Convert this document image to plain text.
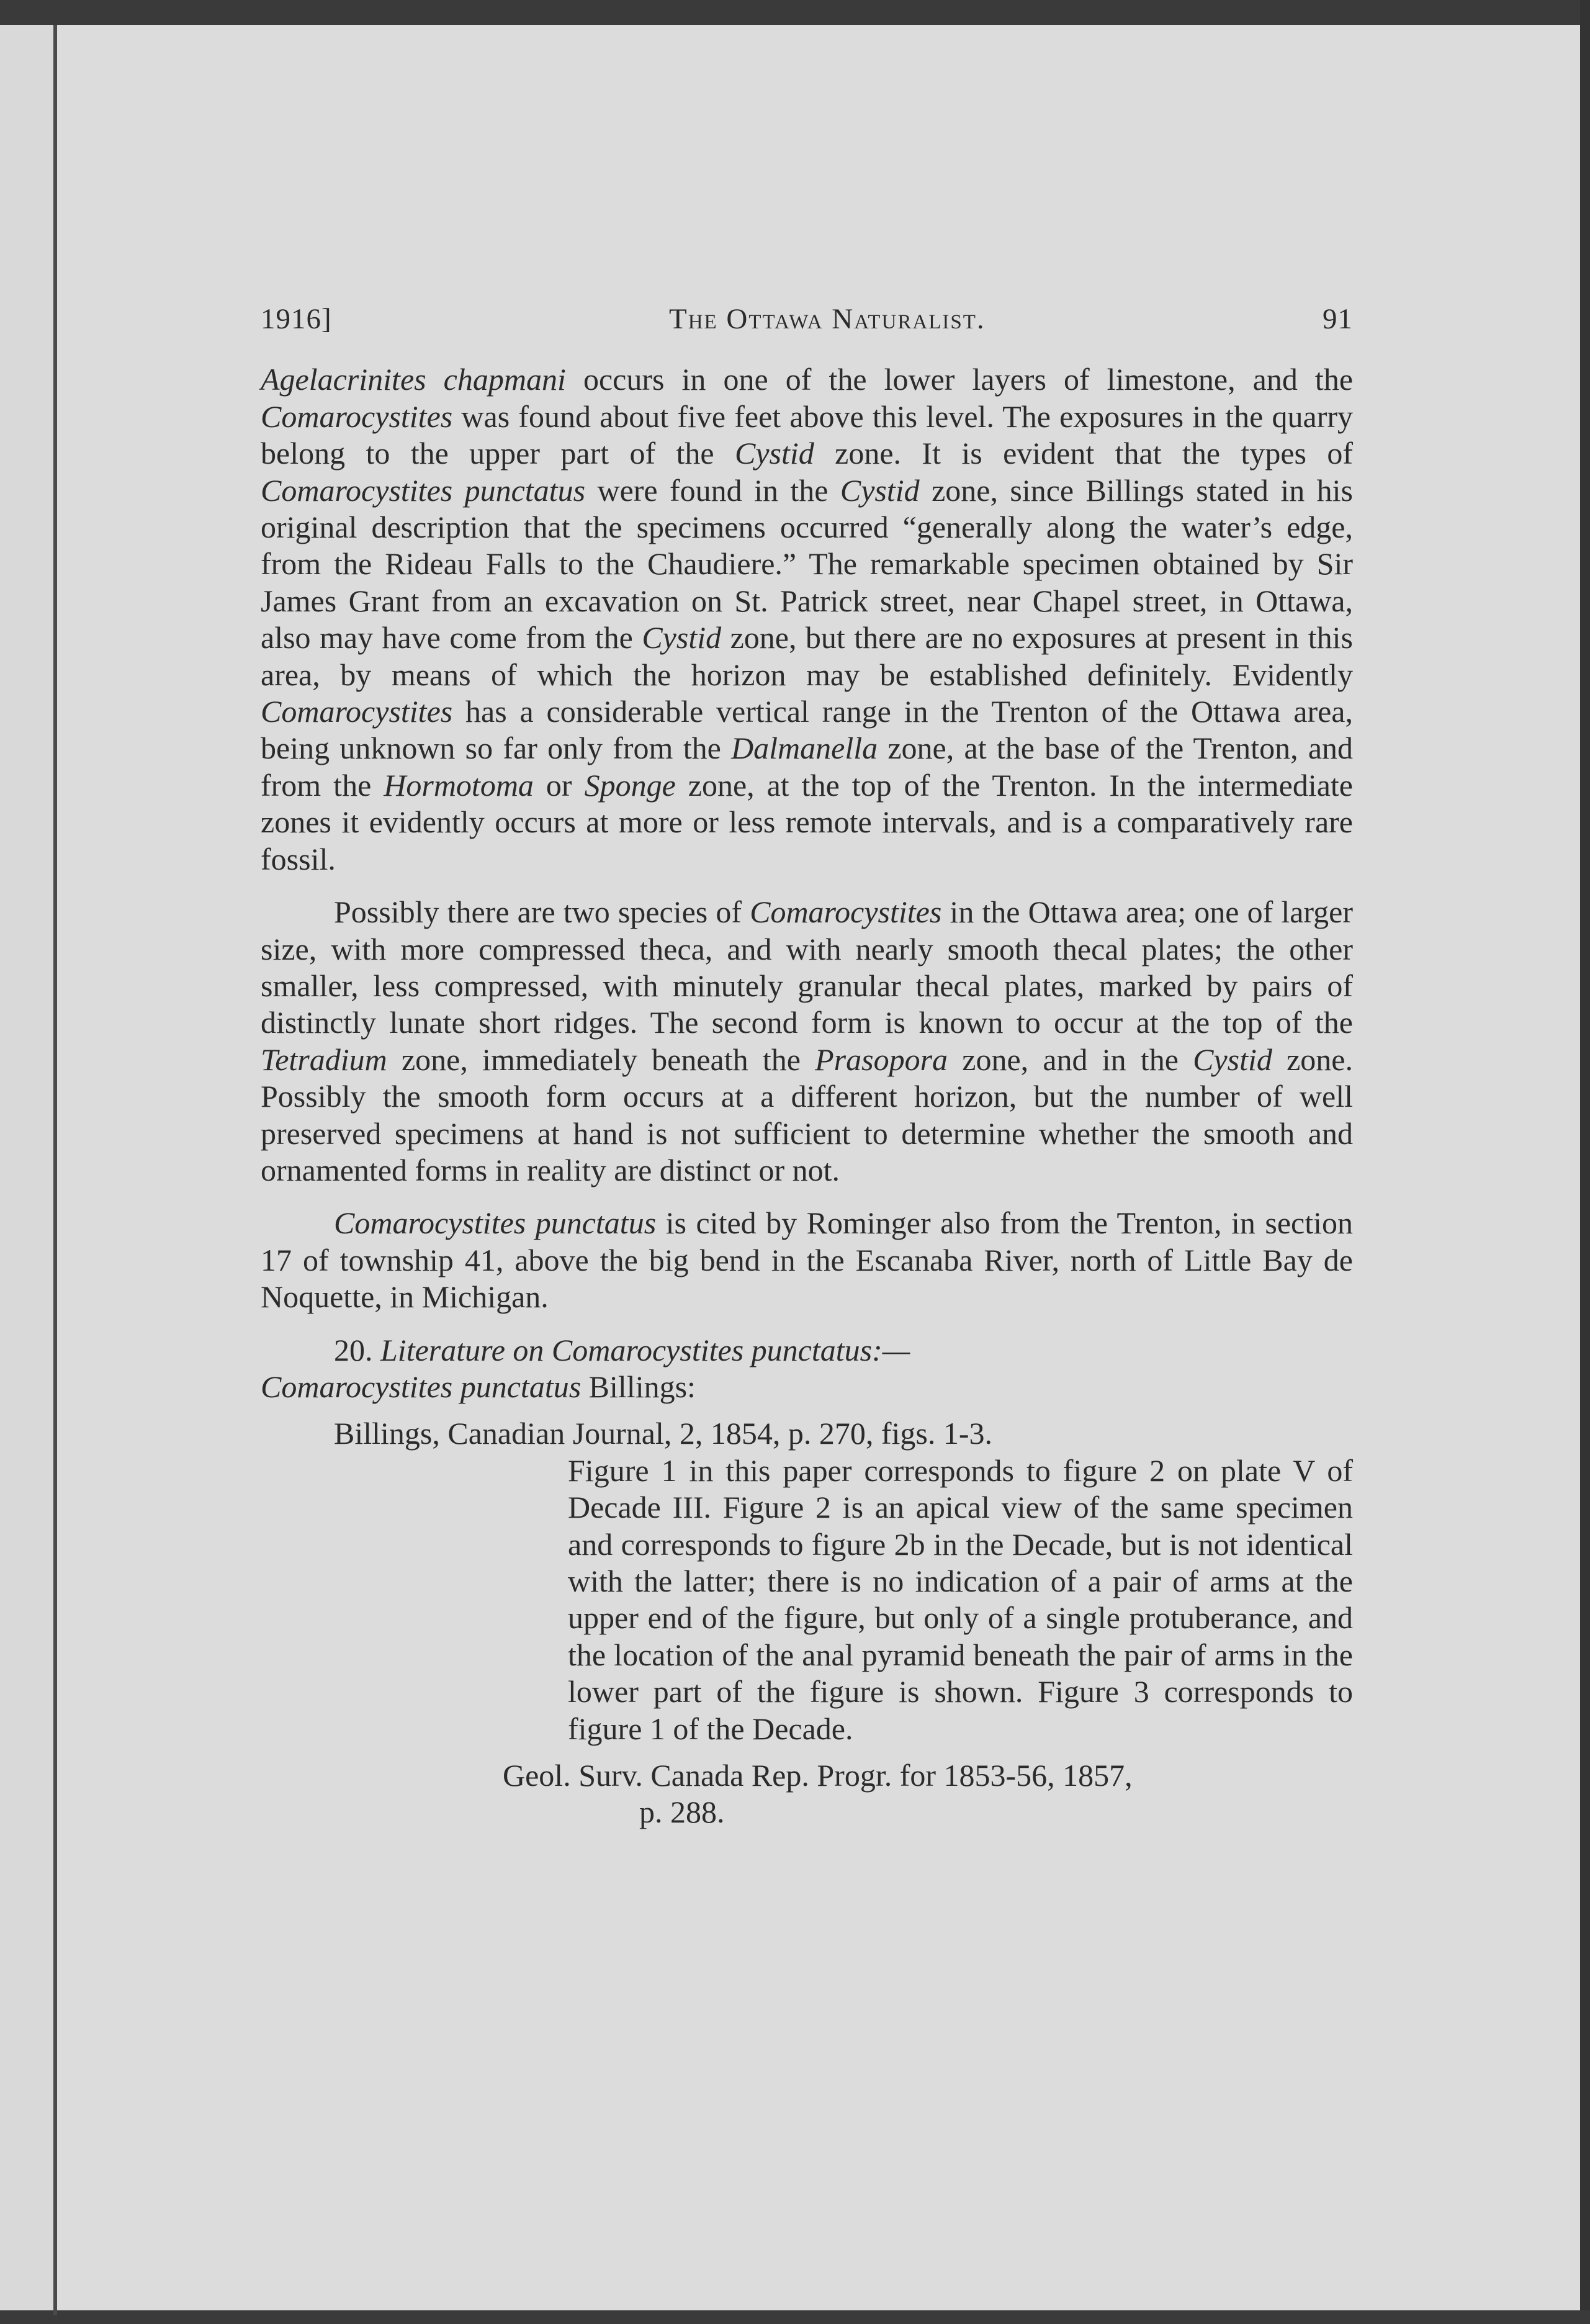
1916]	The Ottawa Naturalist.	91

Agelacrinites chapmani occurs in one of the lower layers of limestone, and the Comarocystites was found about five feet above this level. The exposures in the quarry belong to the upper part of the Cystid zone. It is evident that the types of Comarocystites punctatus were found in the Cystid zone, since Billings stated in his original description that the specimens occurred “generally along the water’s edge, from the Rideau Falls to the Chaudiere.” The remarkable specimen obtained by Sir James Grant from an excavation on St. Patrick street, near Chapel street, in Ottawa, also may have come from the Cystid zone, but there are no exposures at present in this area, by means of which the horizon may be established definitely. Evidently Comarocystites has a considerable vertical range in the Trenton of the Ottawa area, being unknown so far only from the Dalmanella zone, at the base of the Trenton, and from the Hormotoma or Sponge zone, at the top of the Trenton. In the intermediate zones it evidently occurs at more or less remote intervals, and is a comparatively rare fossil.

Possibly there are two species of Comarocystites in the Ottawa area; one of larger size, with more compressed theca, and with nearly smooth thecal plates; the other smaller, less compressed, with minutely granular thecal plates, marked by pairs of distinctly lunate short ridges. The second form is known to occur at the top of the Tetradium zone, immediately beneath the Prasopora zone, and in the Cystid zone. Possibly the smooth form occurs at a different horizon, but the number of well preserved specimens at hand is not sufficient to determine whether the smooth and ornamented forms in reality are distinct or not.

Comarocystites punctatus is cited by Rominger also from the Trenton, in section 17 of township 41, above the big bend in the Escanaba River, north of Little Bay de Noquette, in Michigan.

20. Literature on Comarocystites punctatus:—

Comarocystites punctatus Billings:

Billings, Canadian Journal, 2, 1854, p. 270, figs. 1-3.

Figure 1 in this paper corresponds to figure 2 on plate V of Decade III. Figure 2 is an apical view of the same specimen and corresponds to figure 2b in the Decade, but is not identical with the latter; there is no indication of a pair of arms at the upper end of the figure, but only of a single protuberance, and the location of the anal pyramid beneath the pair of arms in the lower part of the figure is shown. Figure 3 corresponds to figure 1 of the Decade.

Geol. Surv. Canada Rep. Progr. for 1853-56, 1857,

p. 288.
